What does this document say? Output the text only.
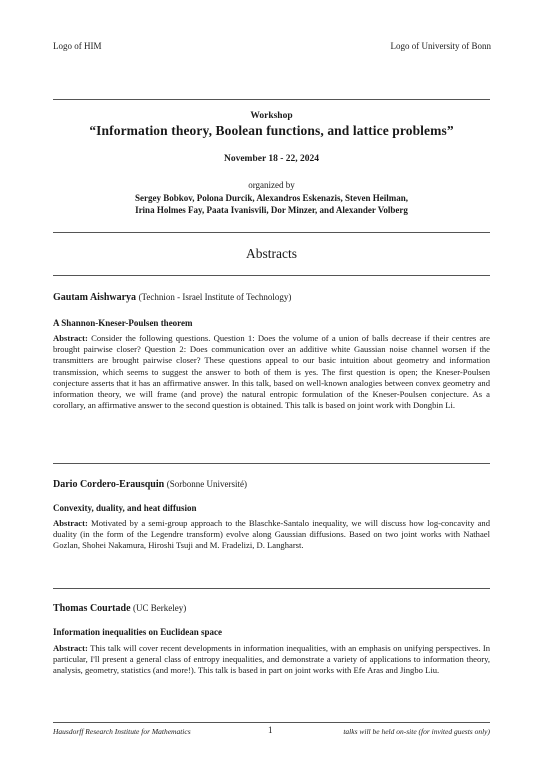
Logo of HIM	Logo of University of Bonn
Workshop
“Information theory, Boolean functions, and lattice problems”
November 18 - 22, 2024
organized by
Sergey Bobkov, Polona Durcik, Alexandros Eskenazis, Steven Heilman,
Irina Holmes Fay, Paata Ivanisvili, Dor Minzer, and Alexander Volberg
Abstracts
Gautam Aishwarya (Technion - Israel Institute of Technology)
A Shannon-Kneser-Poulsen theorem
Abstract: Consider the following questions. Question 1: Does the volume of a union of balls decrease if their centres are brought pairwise closer? Question 2: Does communication over an additive white Gaussian noise channel worsen if the transmitters are brought pairwise closer? These questions appeal to our basic intuition about geometry and information transmission, which seems to suggest the answer to both of them is yes. The first question is open; the Kneser-Poulsen conjecture asserts that it has an affirmative answer. In this talk, based on well-known analogies between convex geometry and information theory, we will frame (and prove) the natural entropic formulation of the Kneser-Poulsen conjecture. As a corollary, an affirmative answer to the second question is obtained. This talk is based on joint work with Dongbin Li.
Dario Cordero-Erausquin (Sorbonne Université)
Convexity, duality, and heat diffusion
Abstract: Motivated by a semi-group approach to the Blaschke-Santalo inequality, we will discuss how log-concavity and duality (in the form of the Legendre transform) evolve along Gaussian diffusions. Based on two joint works with Nathael Gozlan, Shohei Nakamura, Hiroshi Tsuji and M. Fradelizi, D. Langharst.
Thomas Courtade (UC Berkeley)
Information inequalities on Euclidean space
Abstract: This talk will cover recent developments in information inequalities, with an emphasis on unifying perspectives. In particular, I'll present a general class of entropy inequalities, and demonstrate a variety of applications to information theory, analysis, geometry, statistics (and more!). This talk is based in part on joint works with Efe Aras and Jingbo Liu.
Hausdorff Research Institute for Mathematics	1	talks will be held on-site (for invited guests only)
